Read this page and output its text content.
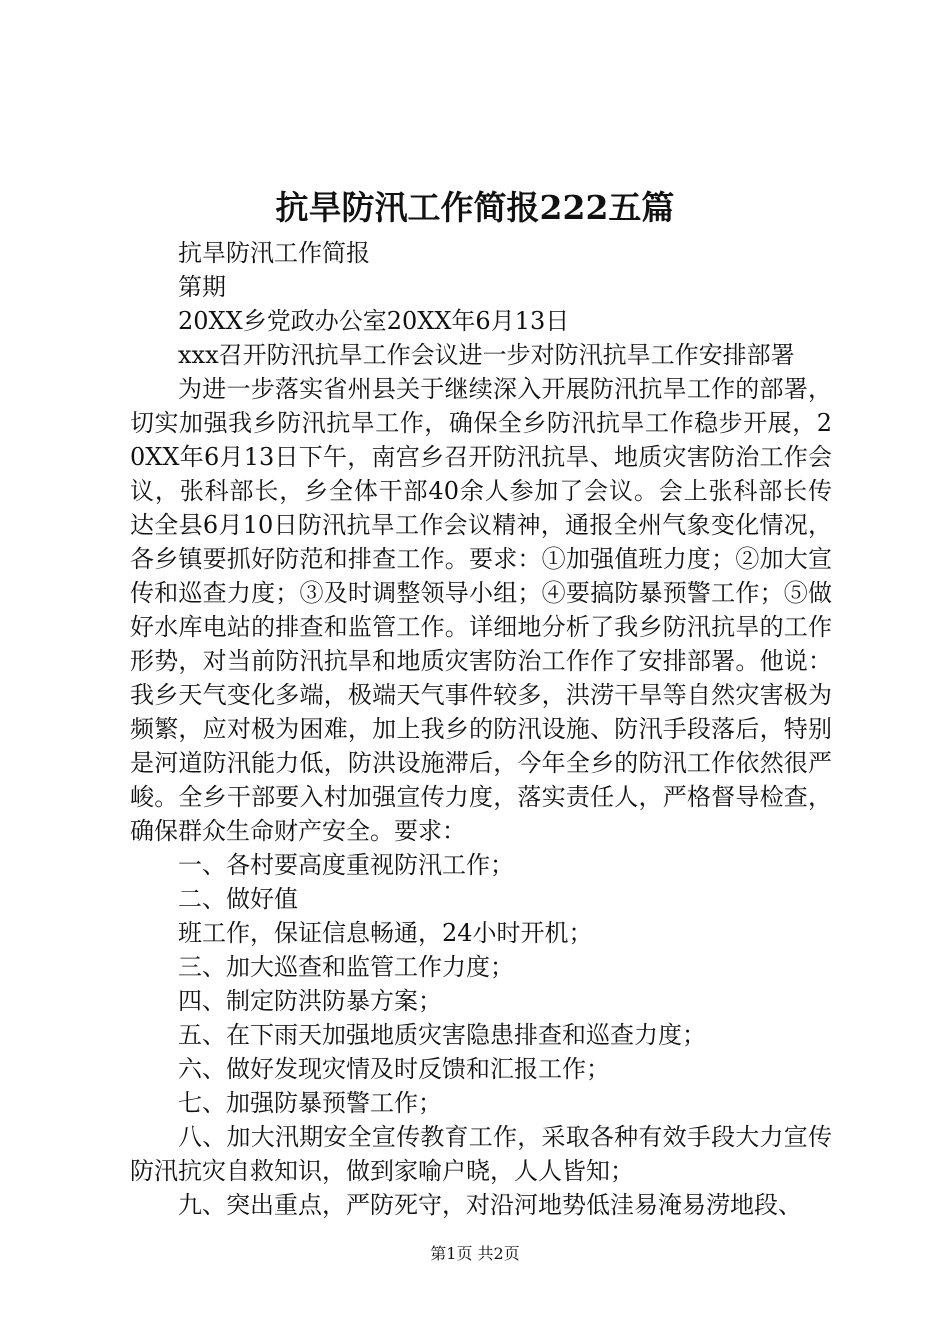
抗旱防汛工作简报222五篇

抗旱防汛工作简报

第期

20XX乡党政办公室20XX年6月13日

xxx召开防汛抗旱工作会议进一步对防汛抗旱工作安排部署

为进一步落实省州县关于继续深入开展防汛抗旱工作的部署，切实加强我乡防汛抗旱工作，确保全乡防汛抗旱工作稳步开展，20XX年6月13日下午，南宫乡召开防汛抗旱、地质灾害防治工作会议，张科部长，乡全体干部40余人参加了会议。会上张科部长传达全县6月10日防汛抗旱工作会议精神，通报全州气象变化情况，各乡镇要抓好防范和排查工作。要求：①加强值班力度；②加大宣传和巡查力度；③及时调整领导小组；④要搞防暴预警工作；⑤做好水库电站的排查和监管工作。详细地分析了我乡防汛抗旱的工作形势，对当前防汛抗旱和地质灾害防治工作作了安排部署。他说：我乡天气变化多端，极端天气事件较多，洪涝干旱等自然灾害极为频繁，应对极为困难，加上我乡的防汛设施、防汛手段落后，特别是河道防汛能力低，防洪设施滞后，今年全乡的防汛工作依然很严峻。全乡干部要入村加强宣传力度，落实责任人，严格督导检查，确保群众生命财产安全。要求：

一、各村要高度重视防汛工作；

二、做好值

班工作，保证信息畅通，24小时开机；

三、加大巡查和监管工作力度；

四、制定防洪防暴方案；

五、在下雨天加强地质灾害隐患排查和巡查力度；

六、做好发现灾情及时反馈和汇报工作；

七、加强防暴预警工作；

八、加大汛期安全宣传教育工作，采取各种有效手段大力宣传防汛抗灾自救知识，做到家喻户晓，人人皆知；

九、突出重点，严防死守，对沿河地势低洼易淹易涝地段、

第1页 共2页
